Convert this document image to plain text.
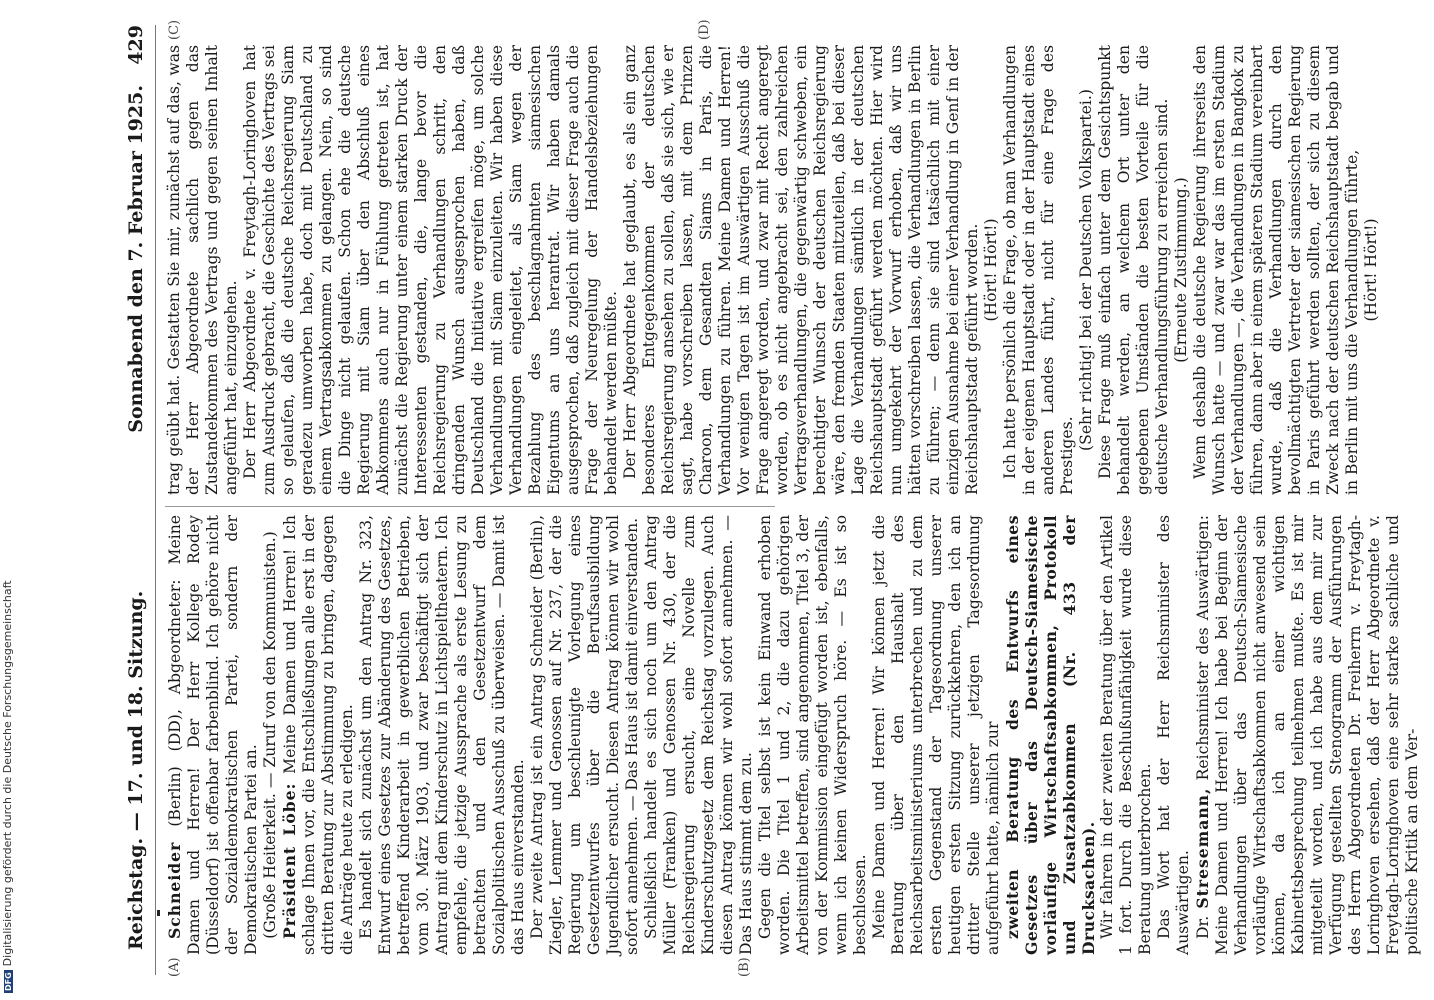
Reichstag. — 17. und 18. Sitzung.
Sonnabend den 7. Februar 1925.
429
(A)	(B)
(C)	(D)

Schneider (Berlin) (DD), Abgeordneter: Meine Damen und Herren! Der Herr Kollege Rodey (Düsseldorf) ist offenbar farbenblind. Ich gehöre nicht der Sozialdemokratischen Partei, sondern der Demokratischen Partei an. (Große Heiterkeit. — Zuruf von den Kommunisten.) Präsident Löbe: Meine Damen und Herren! Ich schlage Ihnen vor, die Entschließungen alle erst in der dritten Beratung zur Abstimmung zu bringen, dagegen die Anträge heute zu erledigen. Es handelt sich zunächst um den Antrag Nr. 323, Entwurf eines Gesetzes zur Abänderung des Gesetzes, betreffend Kinderarbeit in gewerblichen Betrieben, vom 30. März 1903, und zwar beschäftigt sich der Antrag mit dem Kinderschutz in Lichtspieltheatern. Ich empfehle, die jetzige Aussprache als erste Lesung zu betrachten und den Gesetzentwurf dem Sozialpolitischen Ausschuß zu überweisen. — Damit ist das Haus einverstanden. Der zweite Antrag ist ein Antrag Schneider (Berlin), Ziegler, Lemmer und Genossen auf Nr. 237, der die Regierung um beschleunigte Vorlegung eines Gesetzentwurfes über die Berufsausbildung Jugendlicher ersucht. Diesen Antrag können wir wohl sofort annehmen. — Das Haus ist damit einverstanden. Schließlich handelt es sich noch um den Antrag Müller (Franken) und Genossen Nr. 430, der die Reichsregierung ersucht, eine Novelle zum Kinderschutzgesetz dem Reichstag vorzulegen. Auch diesen Antrag können wir wohl sofort annehmen. — Das Haus stimmt dem zu. Gegen die Titel selbst ist kein Einwand erhoben worden. Die Titel 1 und 2, die dazu gehörigen Arbeitsmittel betreffen, sind angenommen, Titel 3, der von der Kommission eingefügt worden ist, ebenfalls, wenn ich keinen Widerspruch höre. — Es ist so beschlossen. Meine Damen und Herren! Wir können jetzt die Beratung über den Haushalt des Reichsarbeitsministeriums unterbrechen und zu dem ersten Gegenstand der Tagesordnung unserer heutigen ersten Sitzung zurückkehren, den ich an dritter Stelle unserer jetzigen Tagesordnung aufgeführt hatte, nämlich zur zweiten Beratung des Entwurfs eines Gesetzes über das Deutsch-Siamesische vorläufige Wirtschaftsabkommen, Protokoll und Zusatzabkommen (Nr. 433 der Drucksachen). Wir fahren in der zweiten Beratung über den Artikel 1 fort. Durch die Beschlußunfähigkeit wurde diese Beratung unterbrochen. Das Wort hat der Herr Reichsminister des Auswärtigen. Dr. Stresemann, Reichsminister des Auswärtigen: Meine Damen und Herren! Ich habe bei Beginn der Verhandlungen über das Deutsch-Siamesische vorläufige Wirtschaftsabkommen nicht anwesend sein können, da ich an einer wichtigen Kabinettsbesprechung teilnehmen mußte. Es ist mir mitgeteilt worden, und ich habe aus dem mir zur Verfügung gestellten Stenogramm der Ausführungen des Herrn Abgeordneten Dr. Freiherrn v. Freytagh-Loringhoven ersehen, daß der Herr Abgeordnete v. Freytagh-Loringhoven eine sehr starke sachliche und politische Kritik an dem Ver-

trag geübt hat. Gestatten Sie mir, zunächst auf das, was der Herr Abgeordnete sachlich gegen das Zustandekommen des Vertrags und gegen seinen Inhalt angeführt hat, einzugehen. Der Herr Abgeordnete v. Freytagh-Loringhoven hat zum Ausdruck gebracht, die Geschichte des Vertrags sei so gelaufen, daß die deutsche Reichsregierung Siam geradezu umworben habe, doch mit Deutschland zu einem Vertragsabkommen zu gelangen. Nein, so sind die Dinge nicht gelaufen. Schon ehe die deutsche Regierung mit Siam über den Abschluß eines Abkommens auch nur in Fühlung getreten ist, hat zunächst die Regierung unter einem starken Druck der Interessenten gestanden, die, lange bevor die Reichsregierung zu Verhandlungen schritt, den dringenden Wunsch ausgesprochen haben, daß Deutschland die Initiative ergreifen möge, um solche Verhandlungen mit Siam einzuleiten. Wir haben diese Verhandlungen eingeleitet, als Siam wegen der Bezahlung des beschlagnahmten siamesischen Eigentums an uns herantrat. Wir haben damals ausgesprochen, daß zugleich mit dieser Frage auch die Frage der Neuregelung der Handelsbeziehungen behandelt werden müßte. Der Herr Abgeordnete hat geglaubt, es als ein ganz besonderes Entgegenkommen der deutschen Reichsregierung ansehen zu sollen, daß sie sich, wie er sagt, habe vorschreiben lassen, mit dem Prinzen Charoon, dem Gesandten Siams in Paris, die Verhandlungen zu führen. Meine Damen und Herren! Vor wenigen Tagen ist im Auswärtigen Ausschuß die Frage angeregt worden, und zwar mit Recht angeregt worden, ob es nicht angebracht sei, den zahlreichen Vertragsverhandlungen, die gegenwärtig schweben, ein berechtigter Wunsch der deutschen Reichsregierung wäre, den fremden Staaten mitzuteilen, daß bei dieser Lage die Verhandlungen sämtlich in der deutschen Reichshauptstadt geführt werden möchten. Hier wird nun umgekehrt der Vorwurf erhoben, daß wir uns hätten vorschreiben lassen, die Verhandlungen in Berlin zu führen; — denn sie sind tatsächlich mit einer einzigen Ausnahme bei einer Verhandlung in Genf in der Reichshauptstadt geführt worden. (Hört! Hört!) Ich hatte persönlich die Frage, ob man Verhandlungen in der eigenen Hauptstadt oder in der Hauptstadt eines anderen Landes führt, nicht für eine Frage des Prestiges.

(Sehr richtig! bei der Deutschen Volkspartei.) Diese Frage muß einfach unter dem Gesichtspunkt behandelt werden, an welchem Ort unter den gegebenen Umständen die besten Vorteile für die deutsche Verhandlungsführung zu erreichen sind. (Erneute Zustimmung.) Wenn deshalb die deutsche Regierung ihrerseits den Wunsch hatte — und zwar war das im ersten Stadium der Verhandlungen —, die Verhandlungen in Bangkok zu führen, dann aber in einem späteren Stadium vereinbart wurde, daß die Verhandlungen durch den bevollmächtigten Vertreter der siamesischen Regierung in Paris geführt werden sollten, der sich zu diesem Zweck nach der deutschen Reichshauptstadt begab und in Berlin mit uns die Verhandlungen führte, (Hört! Hört!)

DFGDigitalisierung gefördert durch die Deutsche Forschungsgemeinschaft
